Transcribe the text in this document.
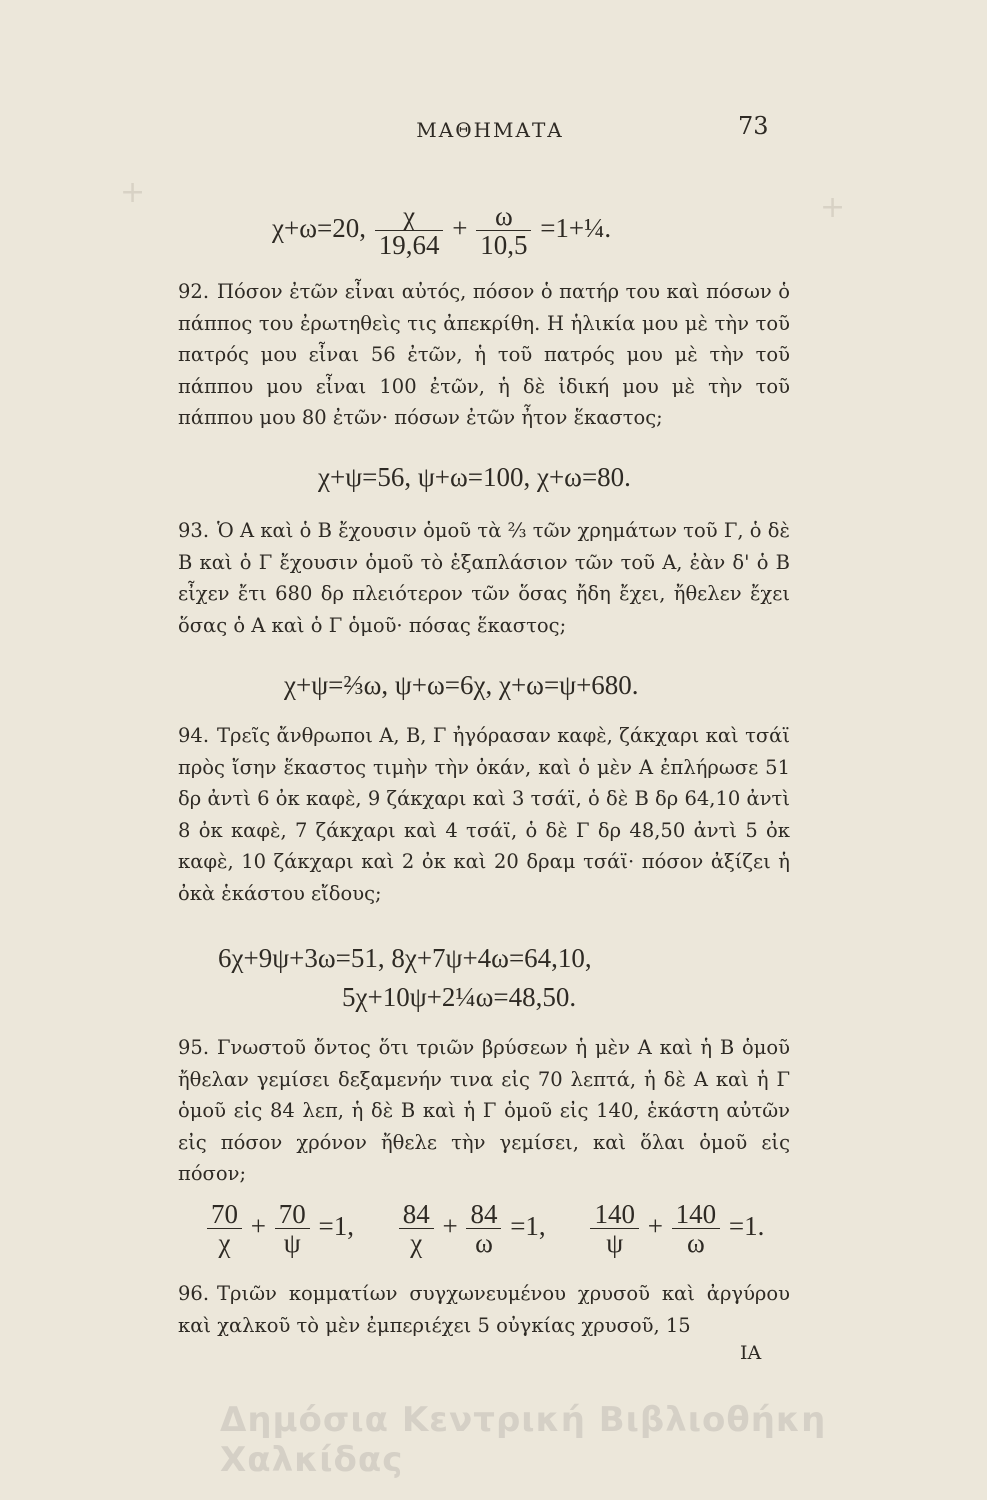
ΜΑΘΗΜΑΤΑ	73
χ+ω=20, $\frac{\chi}{19,64} + \frac{\omega}{10,5}$ =1+¼.
92. Πόσον ἐτῶν εἶναι αὐτός, πόσον ὁ πατήρ του καὶ πόσων ὁ πάππος του ἐρωτηθεὶς τις ἀπεκρίθη. Η ἡλικία μου μὲ τὴν τοῦ πατρός μου εἶναι 56 ἐτῶν, ἡ τοῦ πατρός μου μὲ τὴν τοῦ πάππου μου εἶναι 100 ἐτῶν, ἡ δὲ ἰδική μου μὲ τὴν τοῦ πάππου μου 80 ἐτῶν· πόσων ἐτῶν ἦτον ἕκαστος;
χ+ψ=56, ψ+ω=100, χ+ω=80.
93. Ὁ Α καὶ ὁ Β ἔχουσιν ὁμοῦ τὰ ⅔ τῶν χρημάτων τοῦ Γ, ὁ δὲ Β καὶ ὁ Γ ἔχουσιν ὁμοῦ τὸ ἑξαπλάσιον τῶν τοῦ Α, ἐὰν δ' ὁ Β εἶχεν ἔτι 680 δρ πλειότερον τῶν ὅσας ἤδη ἔχει, ἤθελεν ἔχει ὅσας ὁ Α καὶ ὁ Γ ὁμοῦ· πόσας ἕκαστος;
χ+ψ=⅔ω, ψ+ω=6χ, χ+ω=ψ+680.
94. Τρεῖς ἄνθρωποι Α, Β, Γ ἠγόρασαν καφὲ, ζάκχαρι καὶ τσάϊ πρὸς ἴσην ἕκαστος τιμὴν τὴν ὀκάν, καὶ ὁ μὲν Α ἐπλήρωσε 51 δρ ἀντὶ 6 ὀκ καφὲ, 9 ζάκχαρι καὶ 3 τσάϊ, ὁ δὲ Β δρ 64,10 ἀντὶ 8 ὀκ καφὲ, 7 ζάκχαρι καὶ 4 τσάϊ, ὁ δὲ Γ δρ 48,50 ἀντὶ 5 ὀκ καφὲ, 10 ζάκχαρι καὶ 2 ὀκ καὶ 20 δραμ τσάϊ· πόσον ἀξίζει ἡ ὀκὰ ἑκάστου εἴδους;
6χ+9ψ+3ω=51, 8χ+7ψ+4ω=64,10,
5χ+10ψ+2¼ω=48,50.
95. Γνωστοῦ ὄντος ὅτι τριῶν βρύσεων ἡ μὲν Α καὶ ἡ Β ὁμοῦ ἤθελαν γεμίσει δεξαμενήν τινα εἰς 70 λεπτά, ἡ δὲ Α καὶ ἡ Γ ὁμοῦ εἰς 84 λεπ, ἡ δὲ Β καὶ ἡ Γ ὁμοῦ εἰς 140, ἑκάστη αὐτῶν εἰς πόσον χρόνον ἤθελε τὴν γεμίσει, καὶ ὅλαι ὁμοῦ εἰς πόσον;
$\frac{70}{\chi} + \frac{70}{\psi} =1$, $\frac{84}{\chi} + \frac{84}{\omega} =1$, $\frac{140}{\psi} + \frac{140}{\omega} =1$.
96. Τριῶν κομματίων συγχωνευμένου χρυσοῦ καὶ ἀργύρου καὶ χαλκοῦ τὸ μὲν ἐμπεριέχει 5 οὐγκίας χρυσοῦ, 15
ΙΑ
Δημόσια Κεντρική Βιβλιοθήκη Χαλκίδας
+	+
